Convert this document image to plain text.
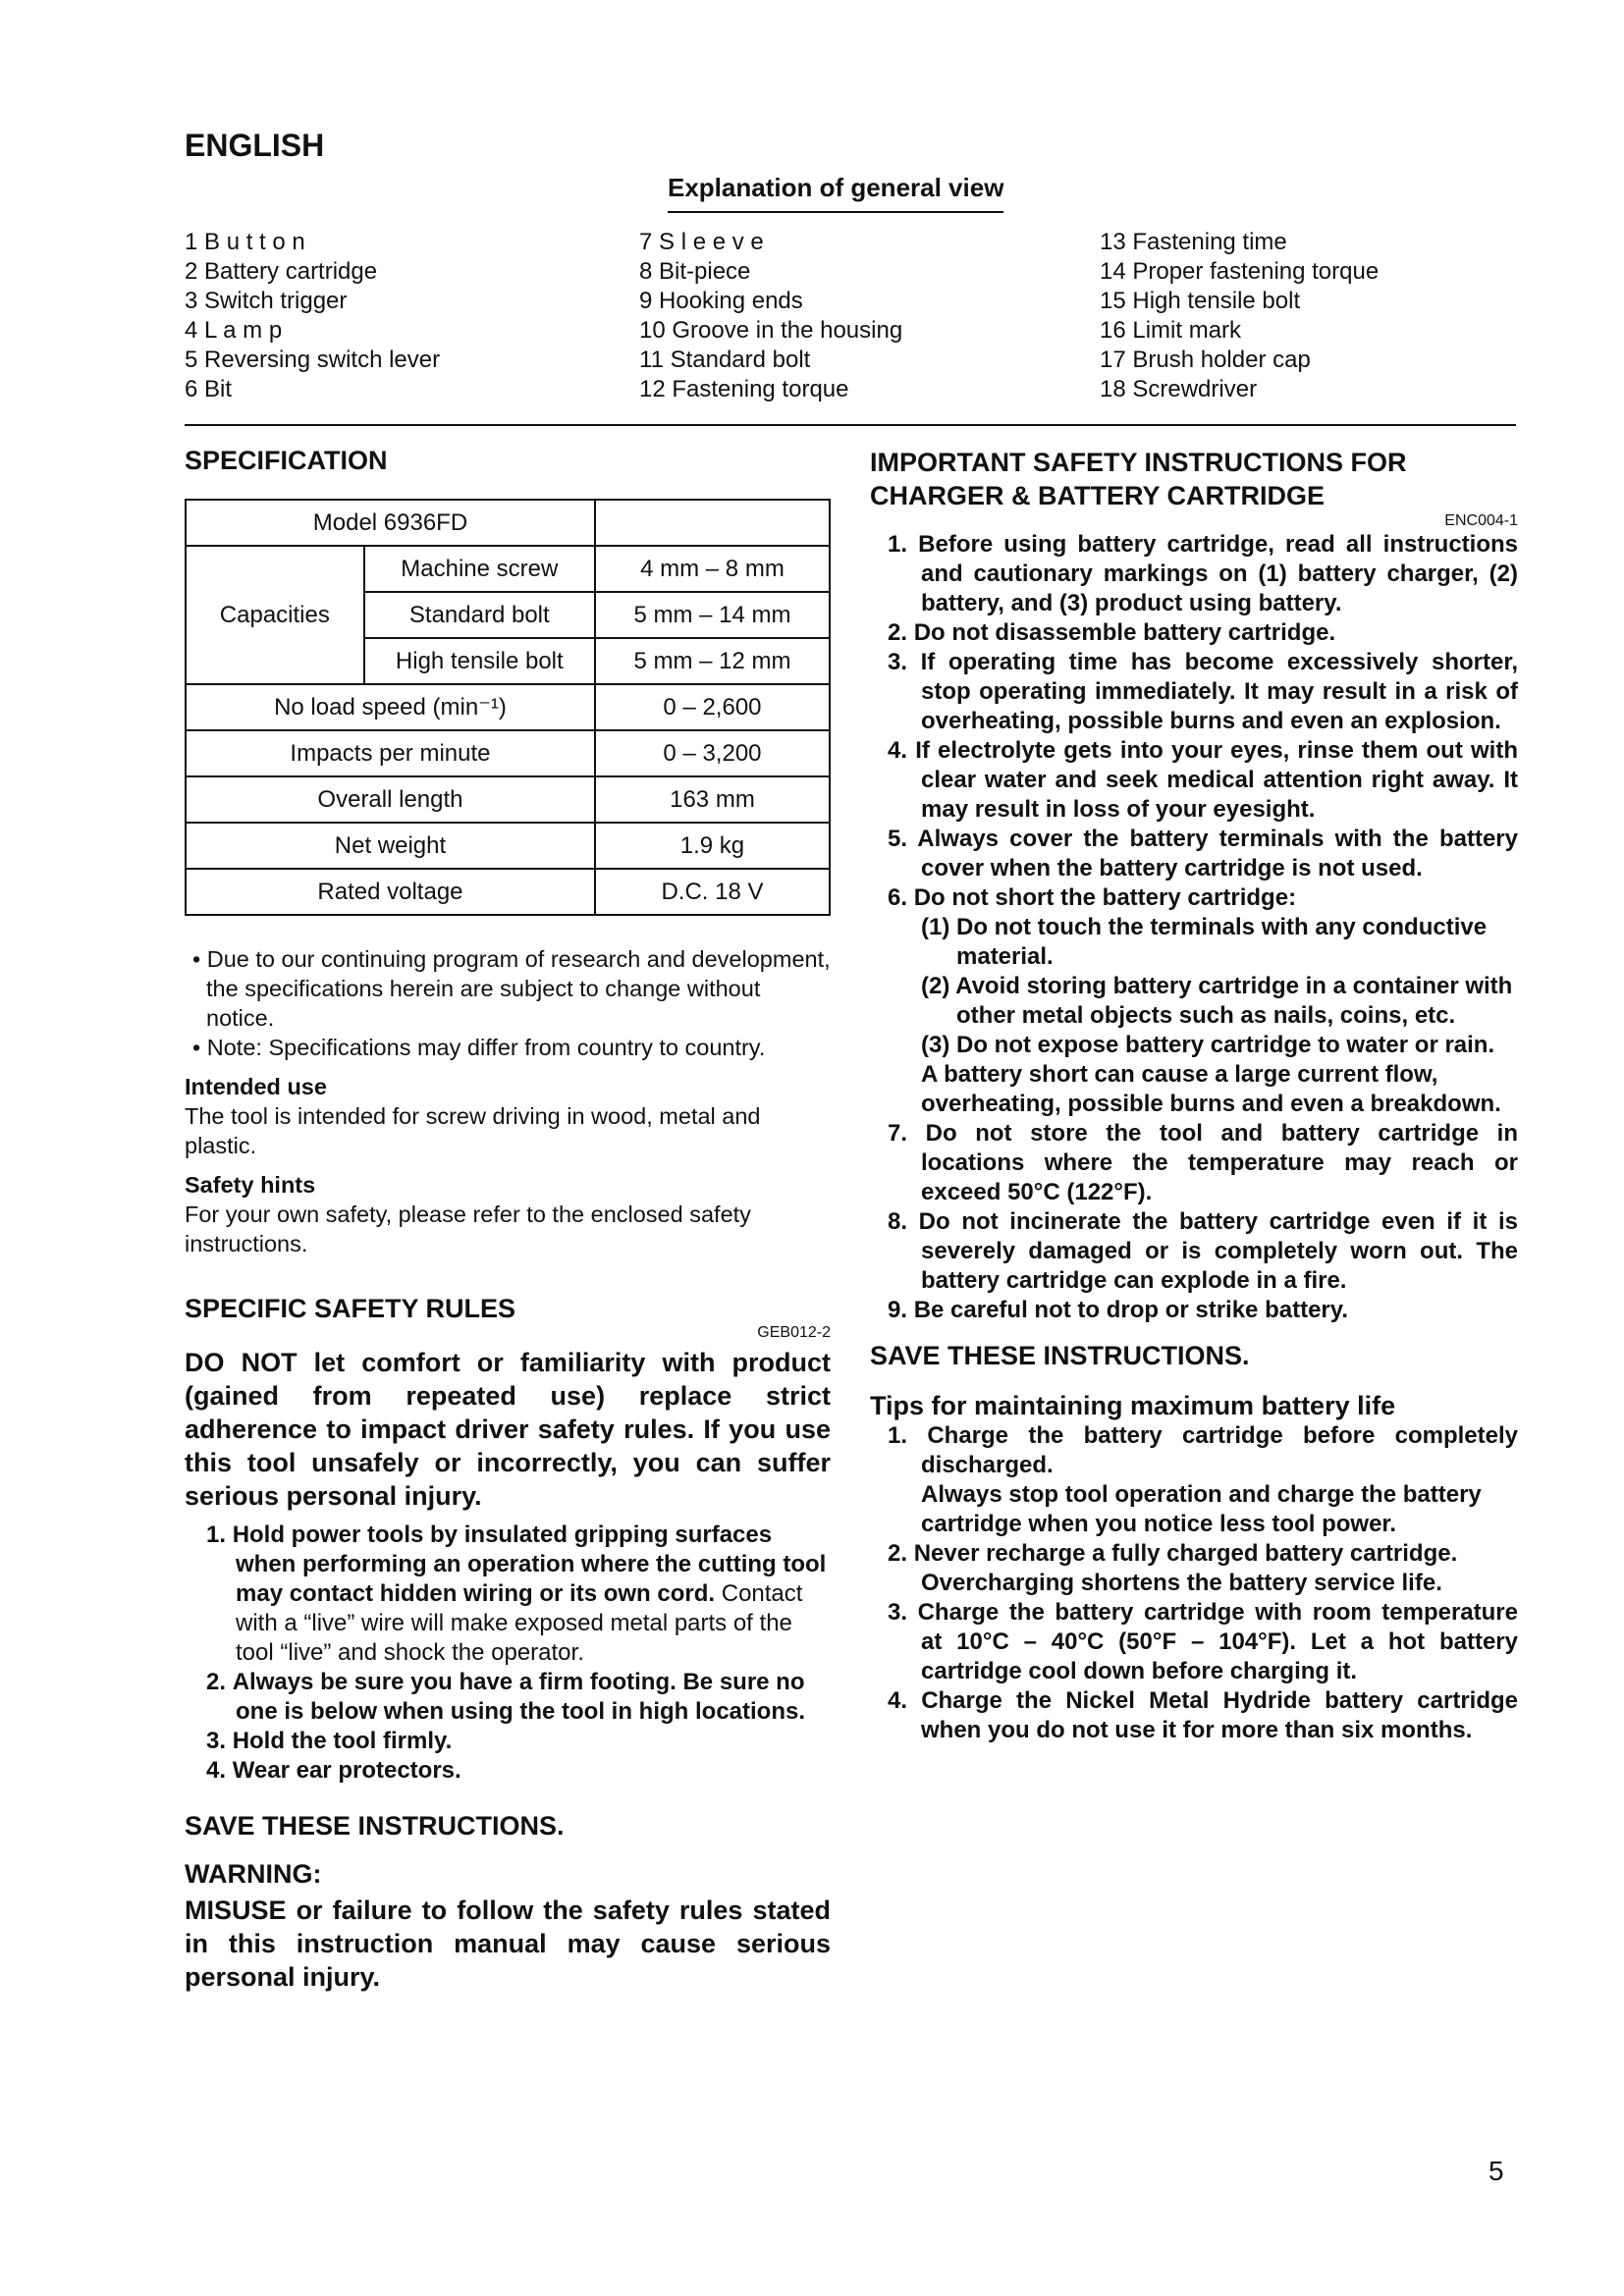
ENGLISH
Explanation of general view
1 B u t t o n
2 Battery cartridge
3 Switch trigger
4 L a m p
5 Reversing switch lever
6 Bit
7 S l e e v e
8 Bit-piece
9 Hooking ends
10 Groove in the housing
11 Standard bolt
12 Fastening torque
13 Fastening time
14 Proper fastening torque
15 High tensile bolt
16 Limit mark
17 Brush holder cap
18 Screwdriver
SPECIFICATION
Model 6936FD		
Capacities	Machine screw	4 mm – 8 mm
	Standard bolt	5 mm – 14 mm
	High tensile bolt	5 mm – 12 mm
No load speed (min⁻¹)		0 – 2,600
Impacts per minute		0 – 3,200
Overall length		163 mm
Net weight		1.9 kg
Rated voltage		D.C. 18 V

• Due to our continuing program of research and development, the specifications herein are subject to change without notice.

• Note: Specifications may differ from country to country.

Intended use

The tool is intended for screw driving in wood, metal and plastic.

Safety hints

For your own safety, please refer to the enclosed safety instructions.

SPECIFIC SAFETY RULES
GEB012-2

DO NOT let comfort or familiarity with product (gained from repeated use) replace strict adherence to impact driver safety rules. If you use this tool unsafely or incorrectly, you can suffer serious personal injury.

1. Hold power tools by insulated gripping surfaces when performing an operation where the cutting tool may contact hidden wiring or its own cord. Contact with a “live” wire will make exposed metal parts of the tool “live” and shock the operator.
2. Always be sure you have a firm footing. Be sure no one is below when using the tool in high locations.
3. Hold the tool firmly.
4. Wear ear protectors.
SAVE THESE INSTRUCTIONS.
WARNING:

MISUSE or failure to follow the safety rules stated in this instruction manual may cause serious personal injury.

IMPORTANT SAFETY INSTRUCTIONS FOR CHARGER & BATTERY CARTRIDGE
ENC004-1
1. Before using battery cartridge, read all instructions and cautionary markings on (1) battery charger, (2) battery, and (3) product using battery.
2. Do not disassemble battery cartridge.
3. If operating time has become excessively shorter, stop operating immediately. It may result in a risk of overheating, possible burns and even an explosion.
4. If electrolyte gets into your eyes, rinse them out with clear water and seek medical attention right away. It may result in loss of your eyesight.
5. Always cover the battery terminals with the battery cover when the battery cartridge is not used.
6. Do not short the battery cartridge:
(1) Do not touch the terminals with any conductive material.
(2) Avoid storing battery cartridge in a container with other metal objects such as nails, coins, etc.
(3) Do not expose battery cartridge to water or rain.
A battery short can cause a large current flow, overheating, possible burns and even a breakdown.
7. Do not store the tool and battery cartridge in locations where the temperature may reach or exceed 50°C (122°F).
8. Do not incinerate the battery cartridge even if it is severely damaged or is completely worn out. The battery cartridge can explode in a fire.
9. Be careful not to drop or strike battery.
SAVE THESE INSTRUCTIONS.
Tips for maintaining maximum battery life
1. Charge the battery cartridge before completely discharged.
Always stop tool operation and charge the battery cartridge when you notice less tool power.
2. Never recharge a fully charged battery cartridge.
Overcharging shortens the battery service life.
3. Charge the battery cartridge with room temperature at 10°C – 40°C (50°F – 104°F). Let a hot battery cartridge cool down before charging it.
4. Charge the Nickel Metal Hydride battery cartridge when you do not use it for more than six months.
5
